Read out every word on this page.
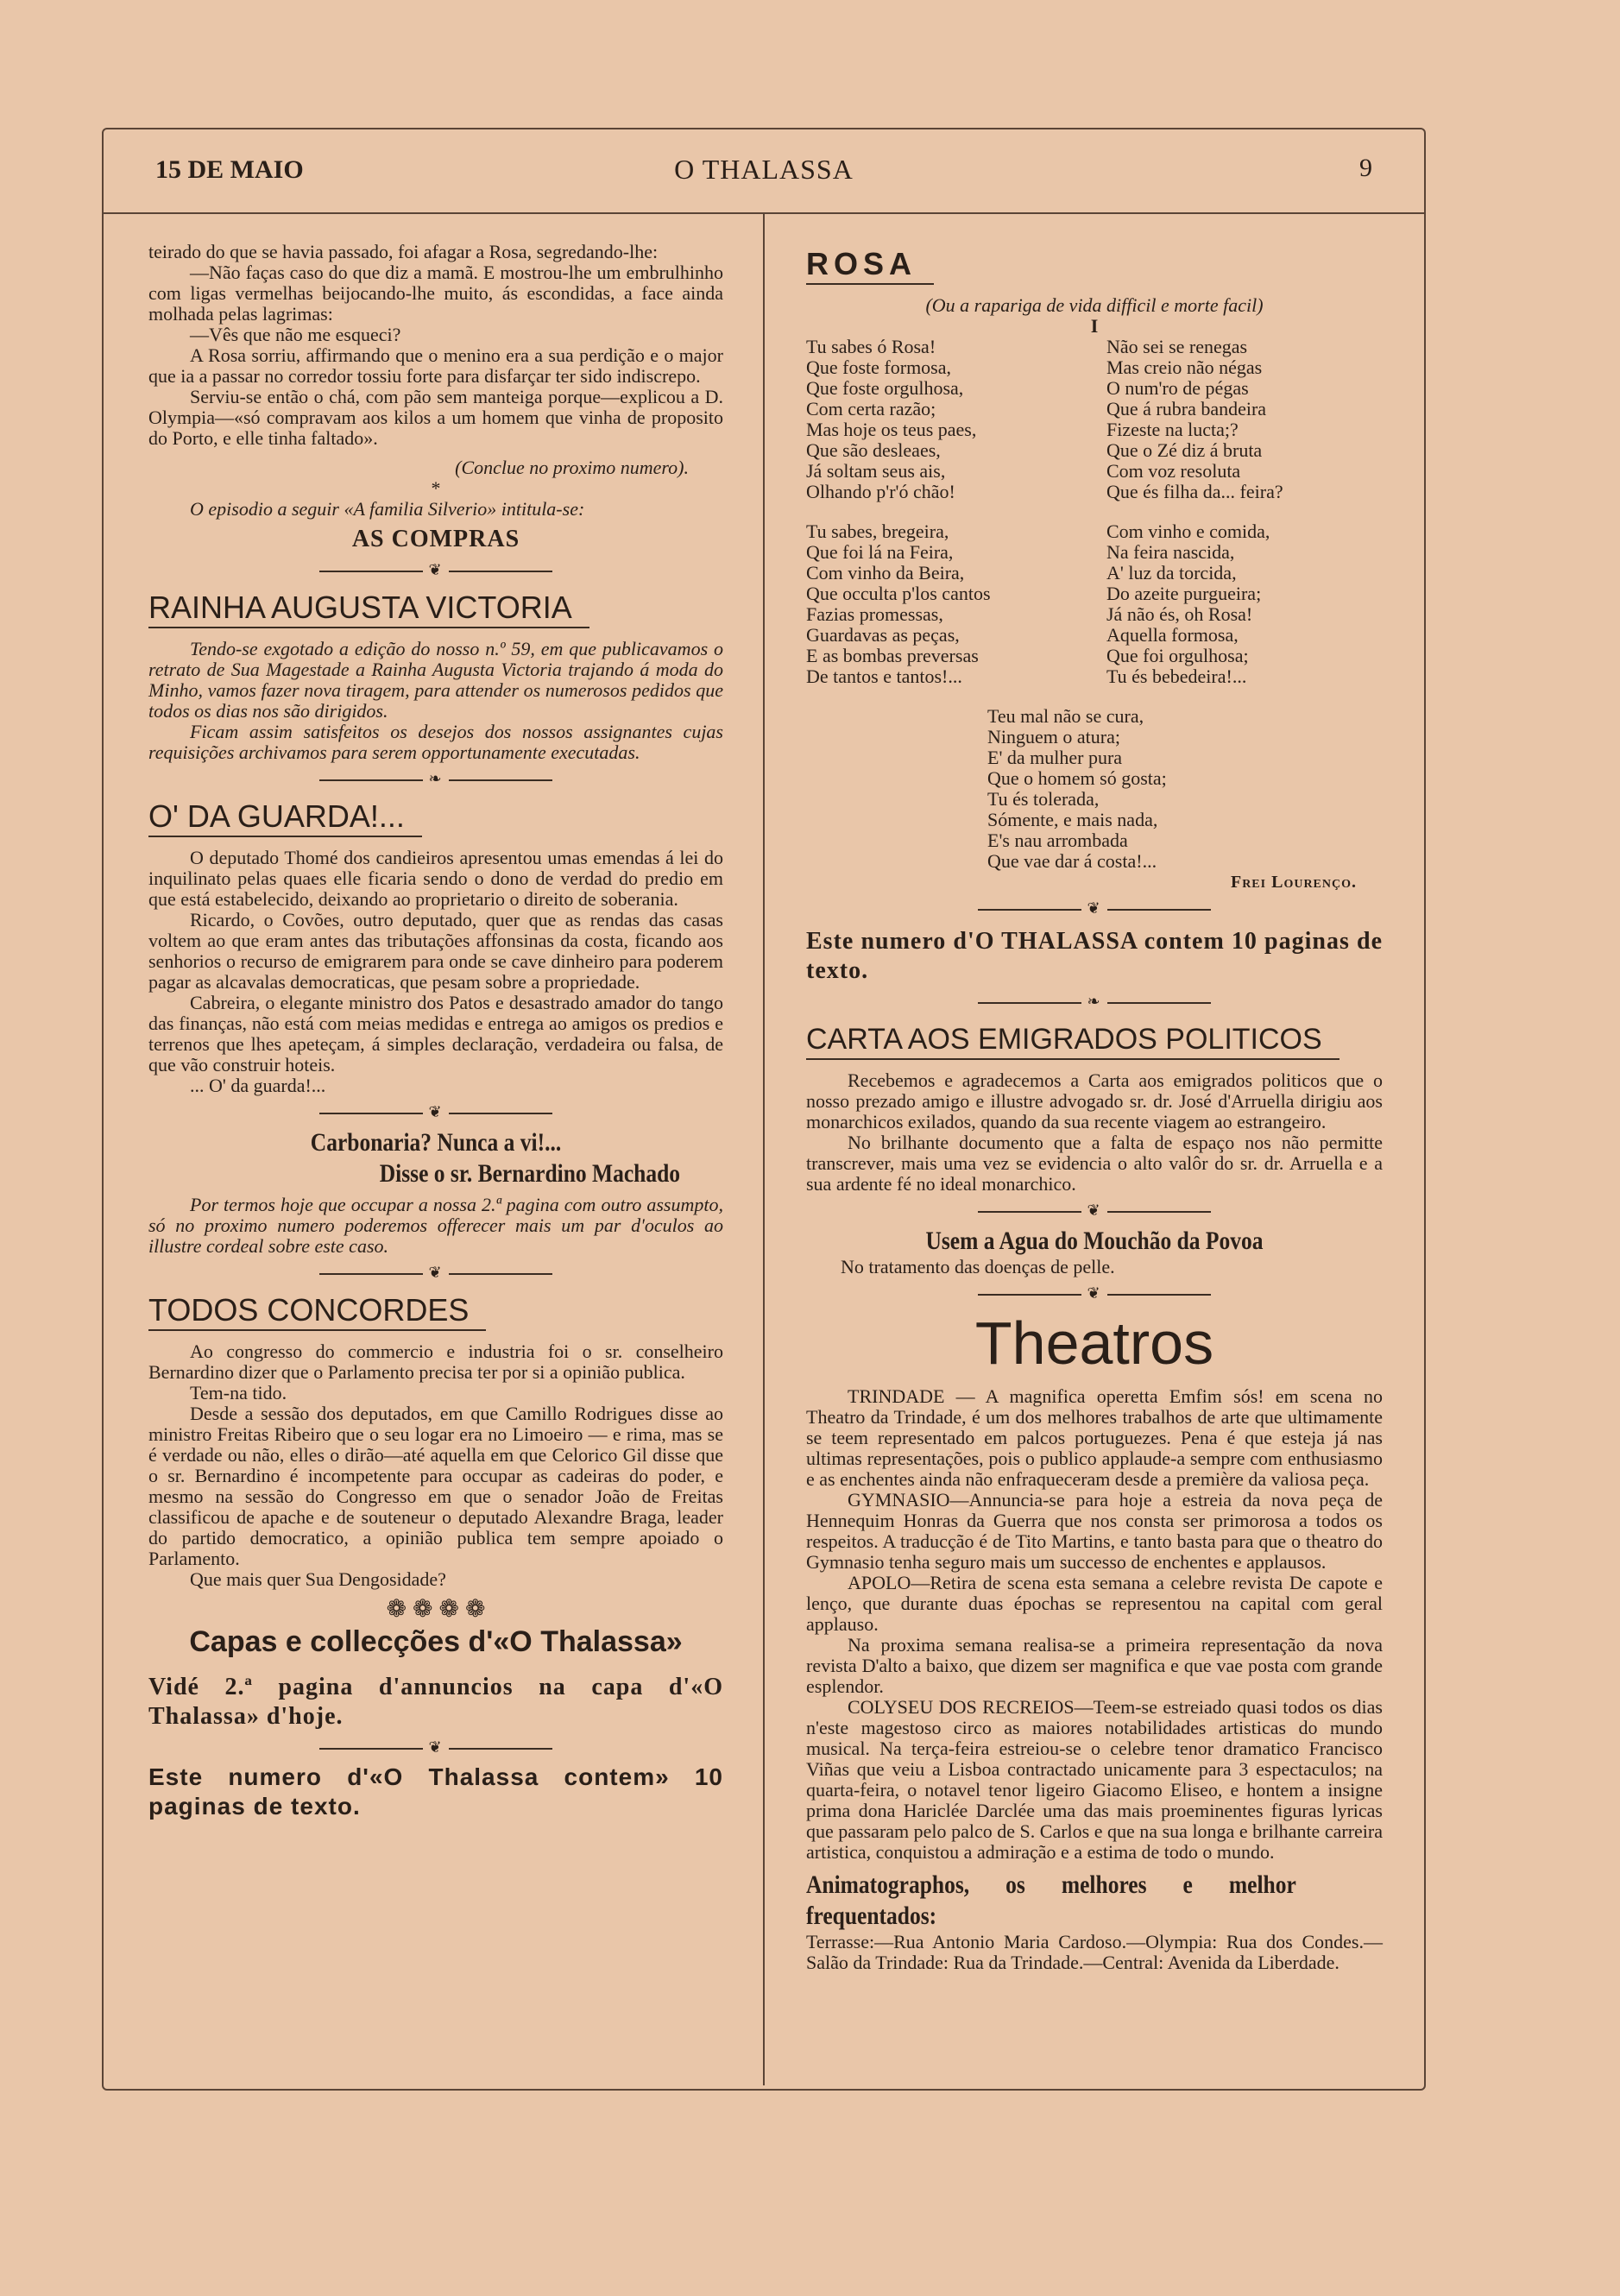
15 DE MAIO	O THALASSA	9

teirado do que se havia passado, foi afagar a Rosa, segredando-lhe:

—Não faças caso do que diz a mamã. E mostrou-lhe um embrulhinho com ligas vermelhas beijocando-lhe muito, ás escondidas, a face ainda molhada pelas lagrimas:

—Vês que não me esqueci?

A Rosa sorriu, affirmando que o menino era a sua perdição e o major que ia a passar no corredor tossiu forte para disfarçar ter sido indiscrepo.

Serviu-se então o chá, com pão sem manteiga porque—explicou a D. Olympia—«só compravam aos kilos a um homem que vinha de proposito do Porto, e elle tinha faltado».

(Conclue no proximo numero).

*

O episodio a seguir «A familia Silverio» intitula-se:

AS COMPRAS

❦
RAINHA AUGUSTA VICTORIA

Tendo-se exgotado a edição do nosso n.º 59, em que publicavamos o retrato de Sua Magestade a Rainha Augusta Victoria trajando á moda do Minho, vamos fazer nova tiragem, para attender os numerosos pedidos que todos os dias nos são dirigidos.

Ficam assim satisfeitos os desejos dos nossos assignantes cujas requisições archivamos para serem opportunamente executadas.

❧
O' DA GUARDA!...

O deputado Thomé dos candieiros apresentou umas emendas á lei do inquilinato pelas quaes elle ficaria sendo o dono de verdad do predio em que está estabelecido, deixando ao proprietario o direito de soberania.

Ricardo, o Covões, outro deputado, quer que as rendas das casas voltem ao que eram antes das tributações affonsinas da costa, ficando aos senhorios o recurso de emigrarem para onde se cave dinheiro para poderem pagar as alcavalas democraticas, que pesam sobre a propriedade.

Cabreira, o elegante ministro dos Patos e desastrado amador do tango das finanças, não está com meias medidas e entrega ao amigos os predios e terrenos que lhes apeteçam, á simples declaração, verdadeira ou falsa, de que vão construir hoteis.

... O' da guarda!...

❦

Carbonaria? Nunca a vi!...

Disse o sr. Bernardino Machado

Por termos hoje que occupar a nossa 2.ª pagina com outro assumpto, só no proximo numero poderemos offerecer mais um par d'oculos ao illustre cordeal sobre este caso.

❦
TODOS CONCORDES

Ao congresso do commercio e industria foi o sr. conselheiro Bernardino dizer que o Parlamento precisa ter por si a opinião publica.

Tem-na tido.

Desde a sessão dos deputados, em que Camillo Rodrigues disse ao ministro Freitas Ribeiro que o seu logar era no Limoeiro — e rima, mas se é verdade ou não, elles o dirão—até aquella em que Celorico Gil disse que o sr. Bernardino é incompetente para occupar as cadeiras do poder, e mesmo na sessão do Congresso em que o senador João de Freitas classificou de apache e de souteneur o deputado Alexandre Braga, leader do partido democratico, a opinião publica tem sempre apoiado o Parlamento.

Que mais quer Sua Dengosidade?

❁ ❁ ❁ ❁

Capas e collecções d'«O Thalassa»

Vidé 2.ª pagina d'annuncios na capa d'«O Thalassa» d'hoje.

❦

Este numero d'«O Thalassa contem» 10 paginas de texto.

ROSA

(Ou a rapariga de vida difficil e morte facil)

I

Tu sabes ó Rosa!

Que foste formosa,

Que foste orgulhosa,

Com certa razão;

Mas hoje os teus paes,

Que são desleaes,

Já soltam seus ais,

Olhando p'r'ó chão!

Não sei se renegas

Mas creio não négas

O num'ro de pégas

Que á rubra bandeira

Fizeste na lucta;?

Que o Zé diz á bruta

Com voz resoluta

Que és filha da... feira?

Tu sabes, bregeira,

Que foi lá na Feira,

Com vinho da Beira,

Que occulta p'los cantos

Fazias promessas,

Guardavas as peças,

E as bombas preversas

De tantos e tantos!...

Com vinho e comida,

Na feira nascida,

A' luz da torcida,

Do azeite purgueira;

Já não és, oh Rosa!

Aquella formosa,

Que foi orgulhosa;

Tu és bebedeira!...

Teu mal não se cura,

Ninguem o atura;

E' da mulher pura

Que o homem só gosta;

Tu és tolerada,

Sómente, e mais nada,

E's nau arrombada

Que vae dar á costa!...

Frei Lourenço.

❦

Este numero d'O THALASSA contem 10 paginas de texto.

❧
CARTA AOS EMIGRADOS POLITICOS

Recebemos e agradecemos a Carta aos emigrados politicos que o nosso prezado amigo e illustre advogado sr. dr. José d'Arruella dirigiu aos monarchicos exilados, quando da sua recente viagem ao estrangeiro.

No brilhante documento que a falta de espaço nos não permitte transcrever, mais uma vez se evidencia o alto valôr do sr. dr. Arruella e a sua ardente fé no ideal monarchico.

❦

Usem a Agua do Mouchão da Povoa

No tratamento das doenças de pelle.

❦
Theatros

TRINDADE — A magnifica operetta Emfim sós! em scena no Theatro da Trindade, é um dos melhores trabalhos de arte que ultimamente se teem representado em palcos portuguezes. Pena é que esteja já nas ultimas representações, pois o publico applaude-a sempre com enthusiasmo e as enchentes ainda não enfraqueceram desde a première da valiosa peça.

GYMNASIO—Annuncia-se para hoje a estreia da nova peça de Hennequim Honras da Guerra que nos consta ser primorosa a todos os respeitos. A traducção é de Tito Martins, e tanto basta para que o theatro do Gymnasio tenha seguro mais um successo de enchentes e applausos.

APOLO—Retira de scena esta semana a celebre revista De capote e lenço, que durante duas épochas se representou na capital com geral applauso.

Na proxima semana realisa-se a primeira representação da nova revista D'alto a baixo, que dizem ser magnifica e que vae posta com grande esplendor.

COLYSEU DOS RECREIOS—Teem-se estreiado quasi todos os dias n'este magestoso circo as maiores notabilidades artisticas do mundo musical. Na terça-feira estreiou-se o celebre tenor dramatico Francisco Viñas que veiu a Lisboa contractado unicamente para 3 espectaculos; na quarta-feira, o notavel tenor ligeiro Giacomo Eliseo, e hontem a insigne prima dona Hariclée Darclée uma das mais proeminentes figuras lyricas que passaram pelo palco de S. Carlos e que na sua longa e brilhante carreira artistica, conquistou a admiração e a estima de todo o mundo.

Animatographos, os melhores e melhor frequentados:

Terrasse:—Rua Antonio Maria Cardoso.—Olympia: Rua dos Condes.—Salão da Trindade: Rua da Trindade.—Central: Avenida da Liberdade.
